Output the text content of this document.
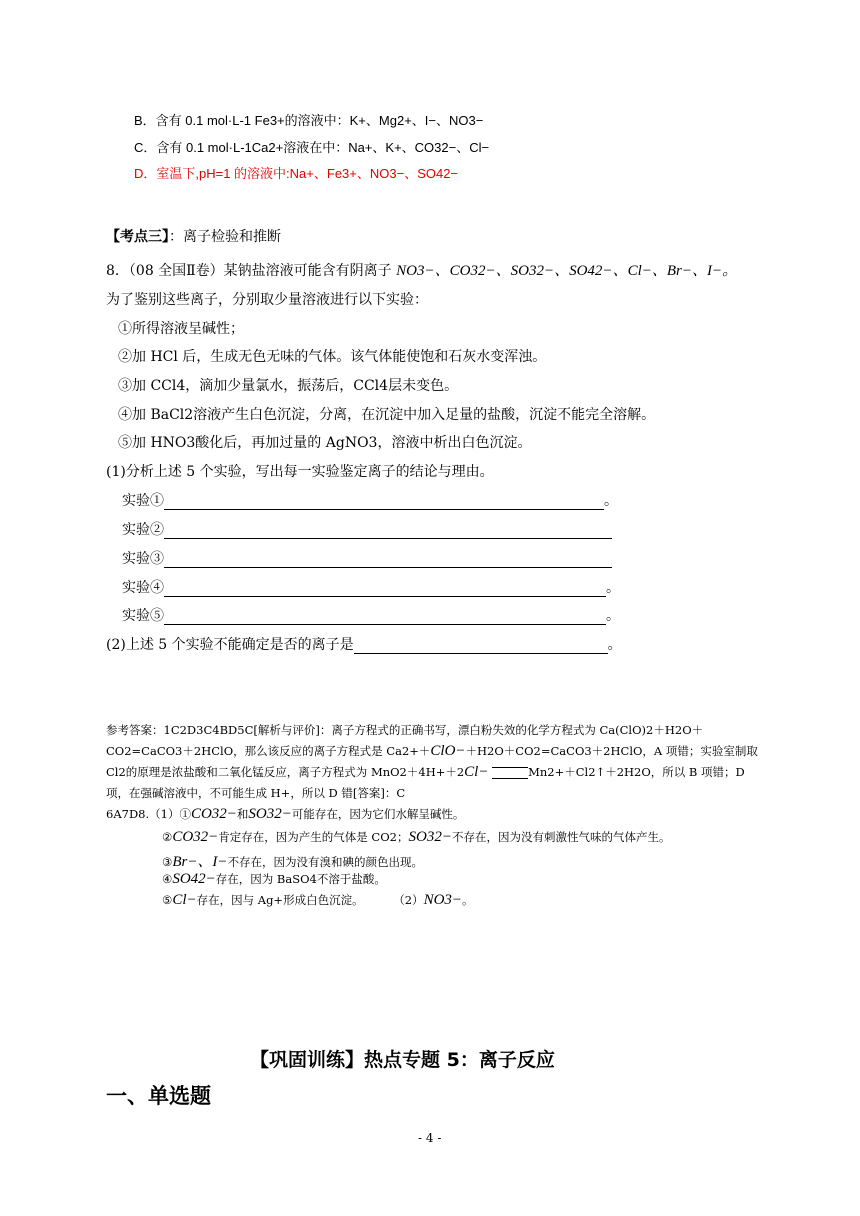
B．含有 0.1 mol·L-1 Fe3+的溶液中：K+、Mg2+、I−、NO3−
C．含有 0.1 mol·L-1Ca2+溶液在中：Na+、K+、CO32−、Cl−
D．室温下,pH=1 的溶液中:Na+、Fe3+、NO3−、SO42−
【考点三】：离子检验和推断
8．（08 全国Ⅱ卷）某钠盐溶液可能含有阴离子 NO3−、CO32−、SO32−、SO42−、Cl−、Br−、I−。
为了鉴别这些离子，分别取少量溶液进行以下实验：
①所得溶液呈碱性；
②加 HCl 后，生成无色无味的气体。该气体能使饱和石灰水变浑浊。
③加 CCl4，滴加少量氯水，振荡后，CCl4层未变色。
④加 BaCl2溶液产生白色沉淀，分离，在沉淀中加入足量的盐酸，沉淀不能完全溶解。
⑤加 HNO3酸化后，再加过量的 AgNO3，溶液中析出白色沉淀。
(1)分析上述 5 个实验，写出每一实验鉴定离子的结论与理由。
实验①	。
实验②
实验③
实验④	。
实验⑤	。
(2)上述 5 个实验不能确定是否的离子是	。
参考答案：1C2D3C4BD5C[解析与评价]：离子方程式的正确书写，漂白粉失效的化学方程式为 Ca(ClO)2＋H2O＋
CO2=CaCO3＋2HClO，那么该反应的离子方程式是 Ca2+＋ClO−＋H2O＋CO2=CaCO3＋2HClO，A 项错；实验室制取
Cl2的原理是浓盐酸和二氧化锰反应，离子方程式为 MnO2＋4H+＋2Cl−	Mn2+＋Cl2↑＋2H2O，所以 B 项错；D
项，在强碱溶液中，不可能生成 H+，所以 D 错[答案]：C
6A7D8.（1）①CO32−和SO32−可能存在，因为它们水解呈碱性。
②CO32−肯定存在，因为产生的气体是 CO2；SO32−不存在，因为没有刺激性气味的气体产生。
③Br−、I−不存在，因为没有溴和碘的颜色出现。
④SO42−存在，因为 BaSO4不溶于盐酸。
⑤Cl−存在，因与 Ag+形成白色沉淀。	（2）NO3−。
【巩固训练】热点专题 5：离子反应
一、单选题
- 4 -
